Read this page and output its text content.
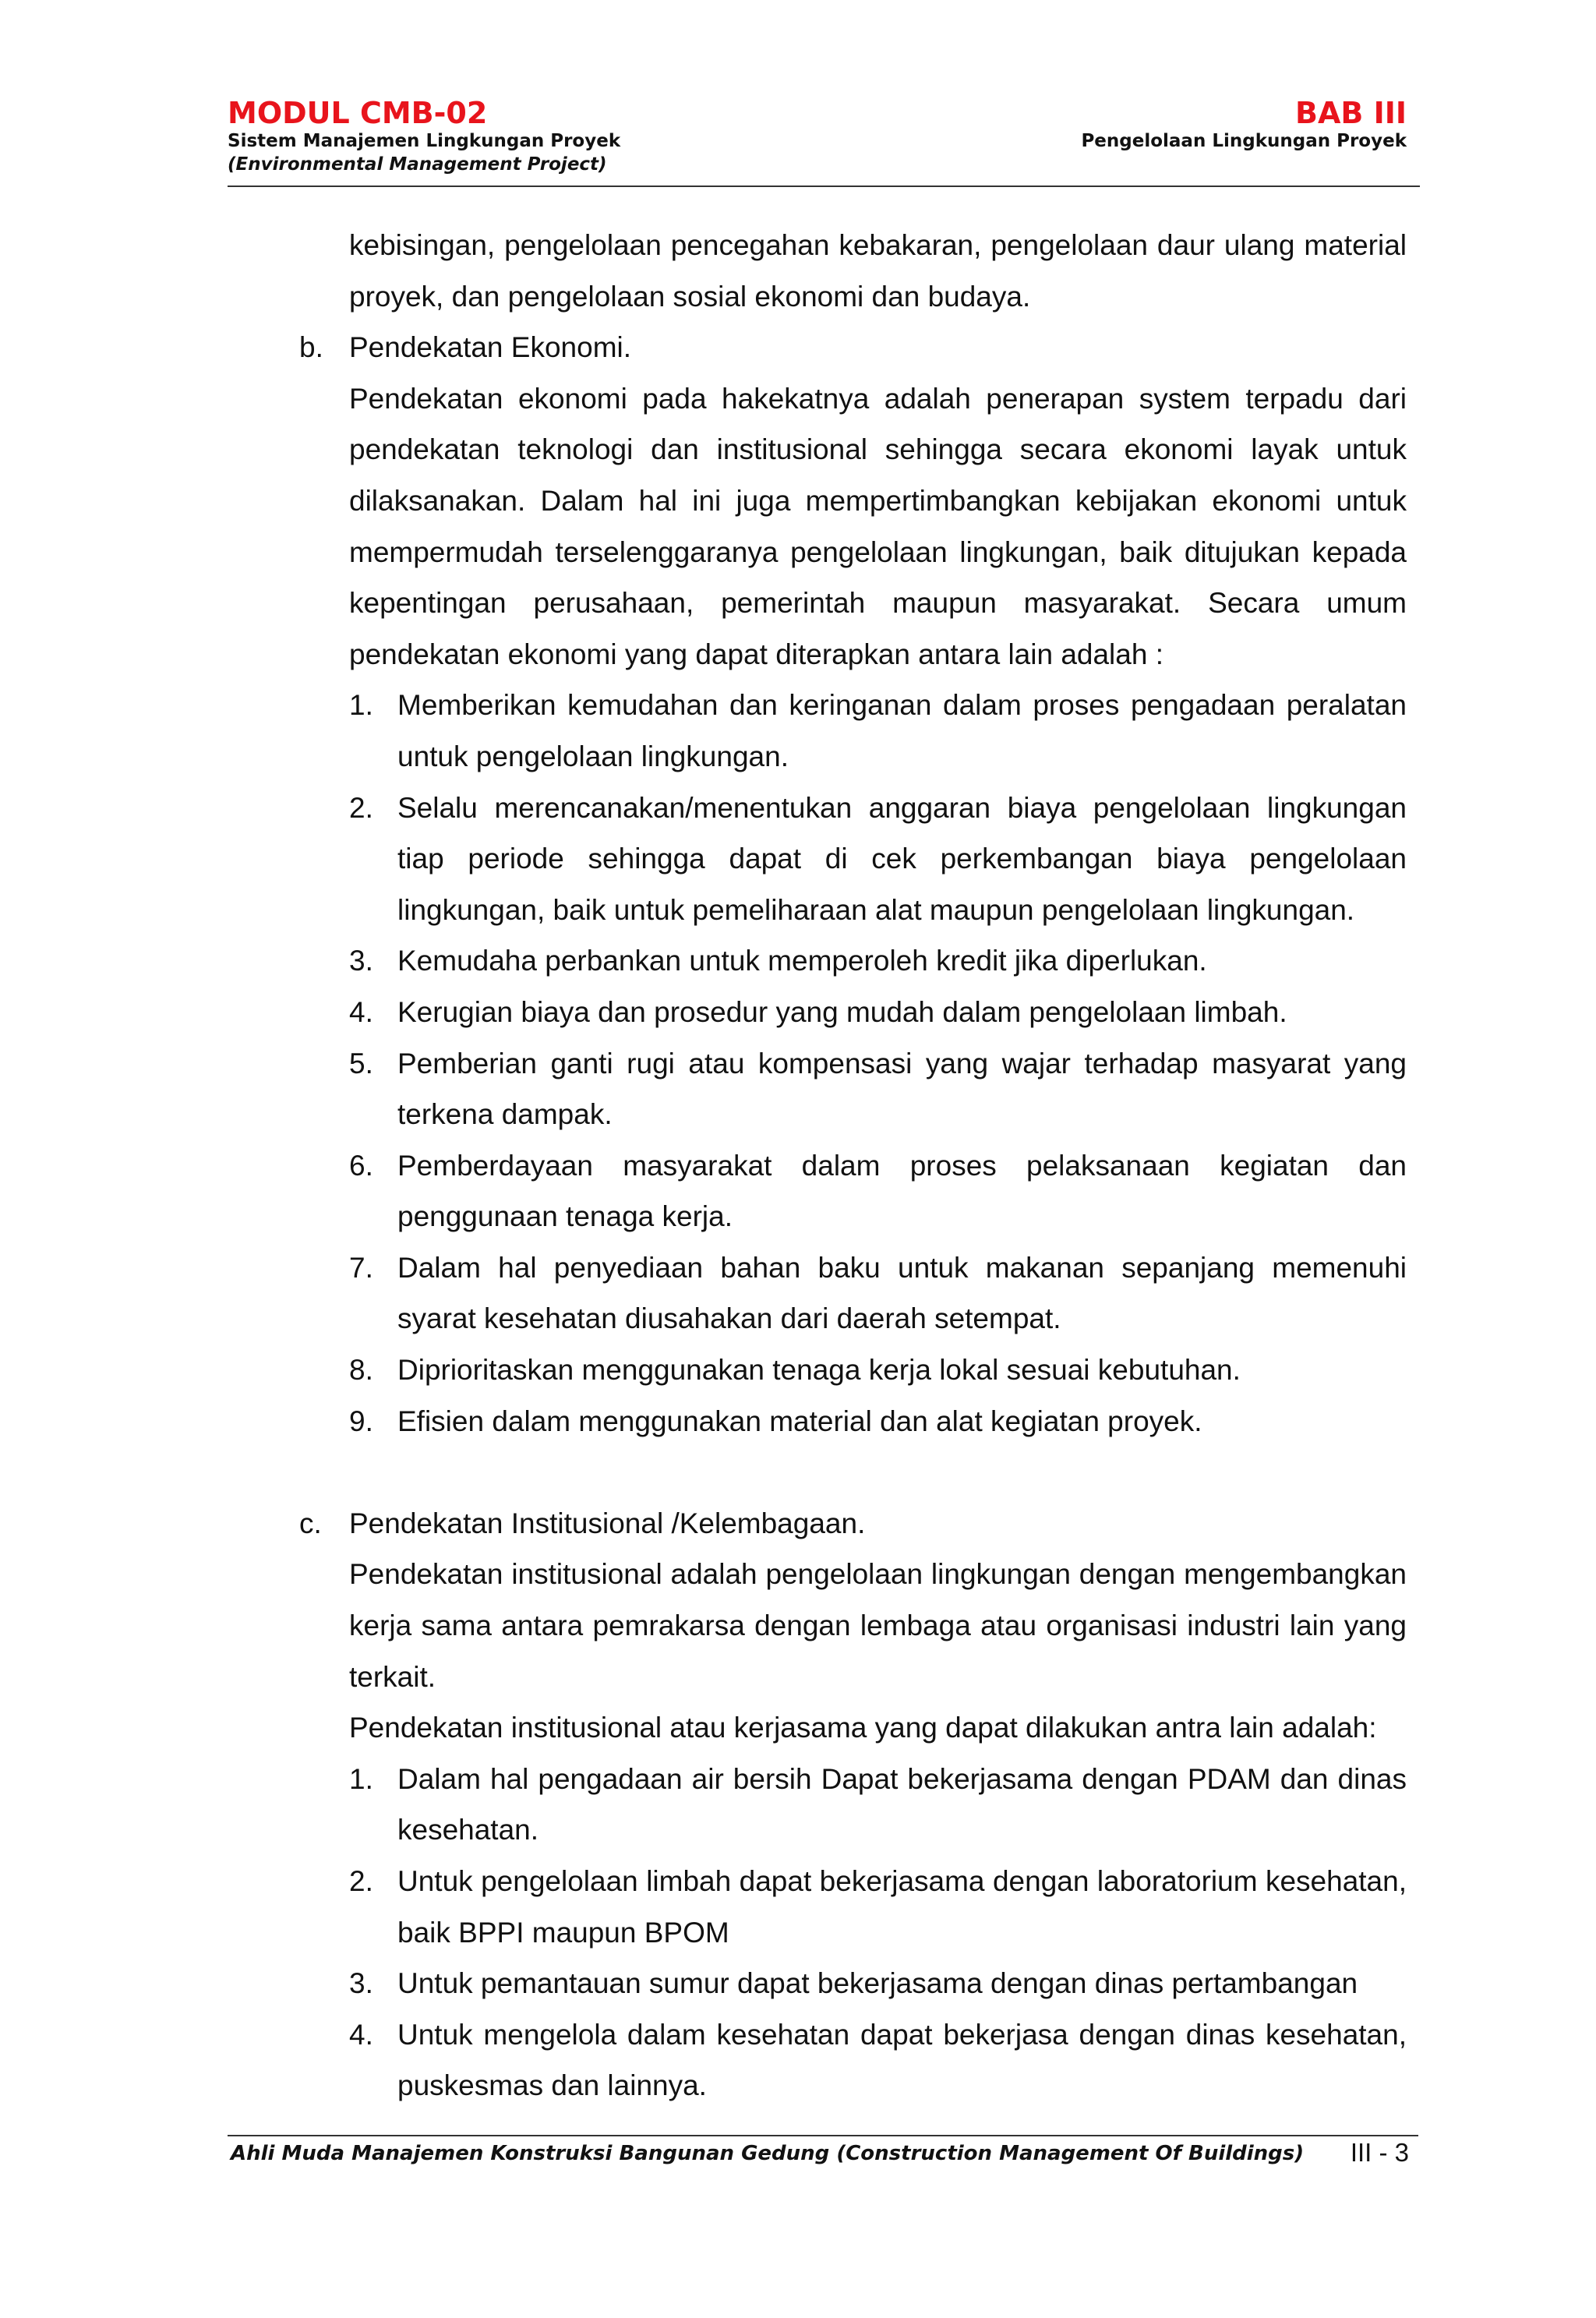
MODUL CMB-02
Sistem Manajemen Lingkungan Proyek
(Environmental Management Project)
BAB III
Pengelolaan Lingkungan Proyek
kebisingan, pengelolaan pencegahan kebakaran, pengelolaan daur ulang material proyek, dan pengelolaan sosial ekonomi dan budaya.
b. Pendekatan Ekonomi.
Pendekatan ekonomi pada hakekatnya adalah penerapan system terpadu dari pendekatan teknologi dan institusional sehingga secara ekonomi layak untuk dilaksanakan. Dalam hal ini juga mempertimbangkan kebijakan ekonomi untuk mempermudah terselenggaranya pengelolaan lingkungan, baik ditujukan kepada kepentingan perusahaan, pemerintah maupun masyarakat. Secara umum pendekatan ekonomi yang dapat diterapkan antara lain adalah :
1. Memberikan kemudahan dan keringanan dalam proses pengadaan peralatan untuk pengelolaan lingkungan.
2. Selalu merencanakan/menentukan anggaran biaya pengelolaan lingkungan tiap periode sehingga dapat di cek perkembangan biaya pengelolaan lingkungan, baik untuk pemeliharaan alat maupun pengelolaan lingkungan.
3. Kemudaha perbankan untuk memperoleh kredit jika diperlukan.
4. Kerugian biaya dan prosedur yang mudah dalam pengelolaan limbah.
5. Pemberian ganti rugi atau kompensasi yang wajar terhadap masyarat yang terkena dampak.
6. Pemberdayaan masyarakat dalam proses pelaksanaan kegiatan dan penggunaan tenaga kerja.
7. Dalam hal penyediaan bahan baku untuk makanan sepanjang memenuhi syarat kesehatan diusahakan dari daerah setempat.
8. Diprioritaskan menggunakan tenaga kerja lokal sesuai kebutuhan.
9. Efisien dalam menggunakan material dan alat kegiatan proyek.
c. Pendekatan Institusional /Kelembagaan.
Pendekatan institusional adalah pengelolaan lingkungan dengan mengembangkan kerja sama antara pemrakarsa dengan lembaga atau organisasi industri lain yang terkait.
Pendekatan institusional atau kerjasama yang dapat dilakukan antra lain adalah:
1. Dalam hal pengadaan air bersih Dapat bekerjasama dengan PDAM dan dinas kesehatan.
2. Untuk pengelolaan limbah dapat bekerjasama dengan laboratorium kesehatan, baik BPPI maupun BPOM
3. Untuk pemantauan sumur dapat bekerjasama dengan dinas pertambangan
4. Untuk mengelola dalam kesehatan dapat bekerjasa dengan dinas kesehatan, puskesmas dan lainnya.
Ahli Muda Manajemen Konstruksi Bangunan Gedung (Construction Management Of Buildings) III - 3
